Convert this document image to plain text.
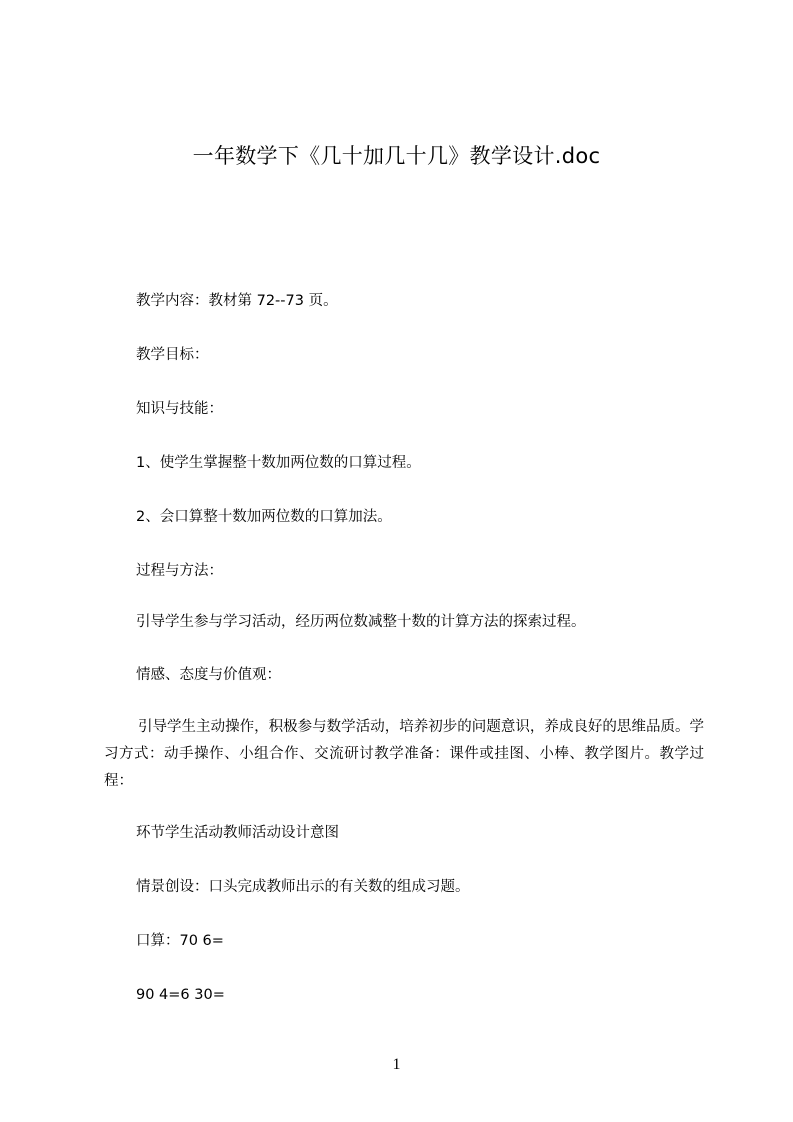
一年数学下《几十加几十几》教学设计.doc
教学内容：教材第 72--73 页。
教学目标：
知识与技能：
1、使学生掌握整十数加两位数的口算过程。
2、会口算整十数加两位数的口算加法。
过程与方法：
引导学生参与学习活动，经历两位数减整十数的计算方法的探索过程。
情感、态度与价值观：
引导学生主动操作，积极参与数学活动，培养初步的问题意识，养成良好的思维品质。学习方式：动手操作、小组合作、交流研讨教学准备：课件或挂图、小棒、教学图片。教学过程：
环节学生活动教师活动设计意图
情景创设：口头完成教师出示的有关数的组成习题。
口算：70 6=
90 4=6 30=
1
